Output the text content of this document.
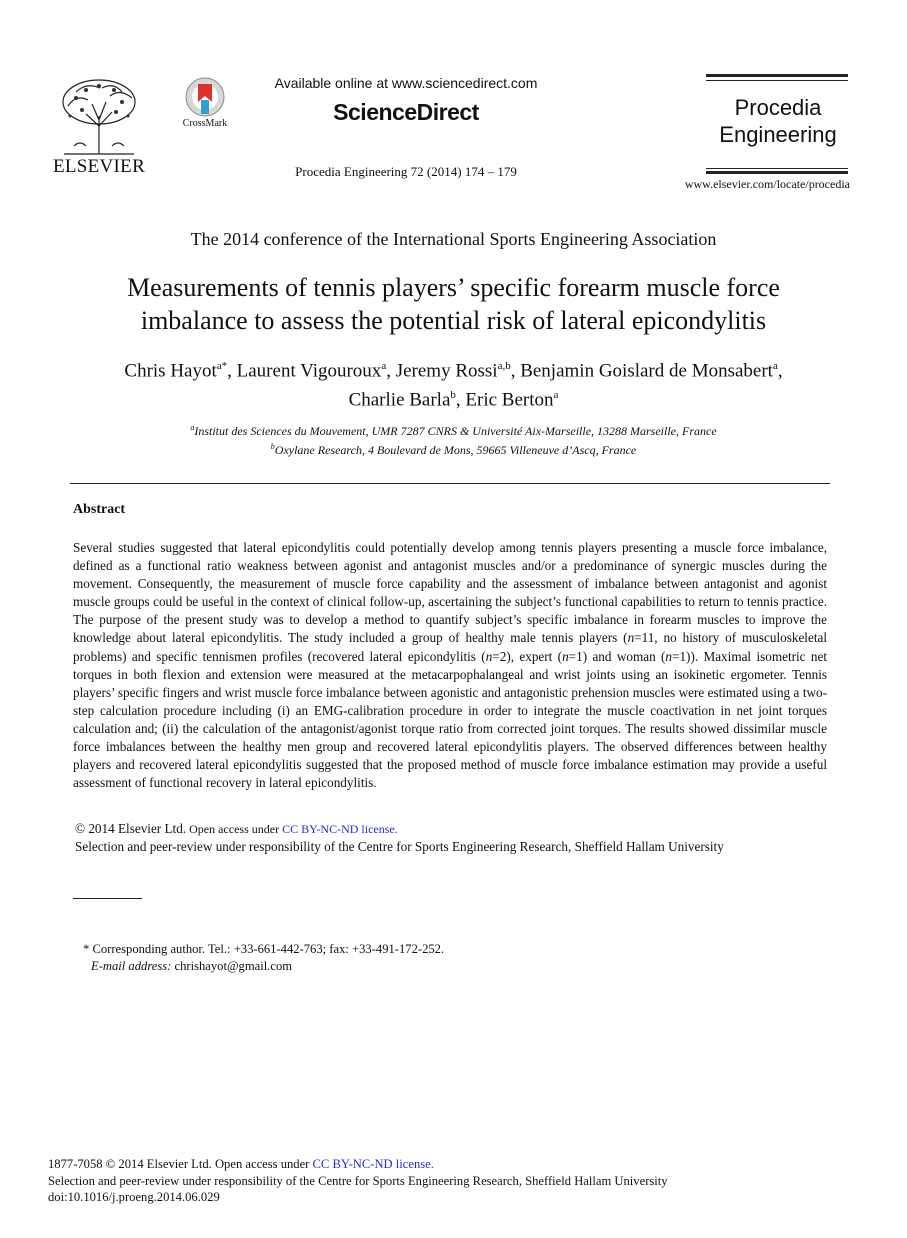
ELSEVIER
CrossMark
Available online at www.sciencedirect.com
ScienceDirect
Procedia Engineering 72 (2014) 174 – 179
Procedia
Engineering
www.elsevier.com/locate/procedia
The 2014 conference of the International Sports Engineering Association
Measurements of tennis players’ specific forearm muscle force
imbalance to assess the potential risk of lateral epicondylitis
Chris Hayot$^{a*}$, Laurent Vigouroux$^a$, Jeremy Rossi$^{a,b}$, Benjamin Goislard de Monsabert$^a$,
Charlie Barla$^b$, Eric Berton$^a$
$^a$Institut des Sciences du Mouvement, UMR 7287 CNRS & Université Aix-Marseille, 13288 Marseille, France
$^b$Oxylane Research, 4 Boulevard de Mons, 59665 Villeneuve d’Ascq, France
Abstract
Several studies suggested that lateral epicondylitis could potentially develop among tennis players presenting a muscle force imbalance, defined as a functional ratio weakness between agonist and antagonist muscles and/or a predominance of synergic muscles during the movement. Consequently, the measurement of muscle force capability and the assessment of imbalance between antagonist and agonist muscle groups could be useful in the context of clinical follow-up, ascertaining the subject’s functional capabilities to return to tennis practice. The purpose of the present study was to develop a method to quantify subject’s specific imbalance in forearm muscles to improve the knowledge about lateral epicondylitis. The study included a group of healthy male tennis players (n=11, no history of musculoskeletal problems) and specific tennismen profiles (recovered lateral epicondylitis (n=2), expert (n=1) and woman (n=1)). Maximal isometric net torques in both flexion and extension were measured at the metacarpophalangeal and wrist joints using an isokinetic ergometer. Tennis players’ specific fingers and wrist muscle force imbalance between agonistic and antagonistic prehension muscles were estimated using a two-step calculation procedure including (i) an EMG-calibration procedure in order to integrate the muscle coactivation in net joint torques calculation and; (ii) the calculation of the antagonist/agonist torque ratio from corrected joint torques. The results showed dissimilar muscle force imbalances between the healthy men group and recovered lateral epicondylitis players. The observed differences between healthy players and recovered lateral epicondylitis suggested that the proposed method of muscle force imbalance estimation may provide a useful assessment of functional recovery in lateral epicondylitis.
© 2014 Elsevier Ltd. Open access under CC BY-NC-ND license.
Selection and peer-review under responsibility of the Centre for Sports Engineering Research, Sheffield Hallam University
* Corresponding author. Tel.: +33-661-442-763; fax: +33-491-172-252.
E-mail address: chrishayot@gmail.com
1877-7058 © 2014 Elsevier Ltd. Open access under CC BY-NC-ND license.
Selection and peer-review under responsibility of the Centre for Sports Engineering Research, Sheffield Hallam University
doi:10.1016/j.proeng.2014.06.029
